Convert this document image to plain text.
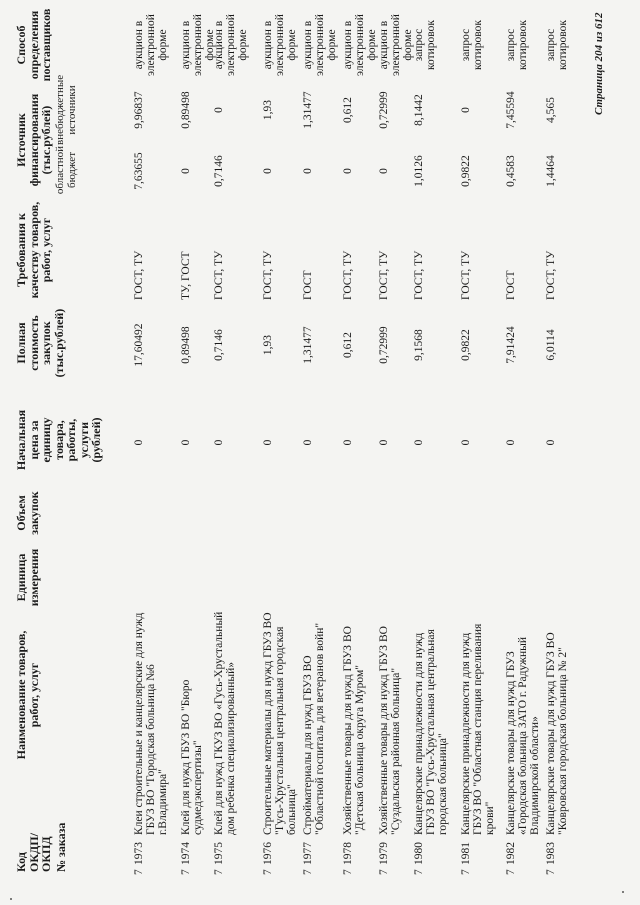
Код ОКДП/ ОКПД № заказа
Наименование товаров, работ, услуг
Единица измерения
Объем закупок
Начальная цена за единицу товара, работы, услуги (рублей)
Полная стоимость закупок (тыс.рублей)
Требования к качеству товаров, работ, услуг
Источник финансирования (тыс.рублей) областной бюджет
внебюджетные источники
Способ определения поставщиков
7
1973
Клеи строительные и канцелярские для нужд ГБУЗ ВО "Городская больница №6 г.Владимира"
0
17,60492
ГОСТ, ТУ
7,63655
9,96837
аукцион в электронной форме
7
1974
Клей для нужд ГБУЗ ВО "Бюро судмедэкспертизы"
0
0,89498
ТУ, ГОСТ
0
0,89498
аукцион в электронной форме
7
1975
Клей для нужд ГКУЗ ВО «Гусь-Хрустальный дом ребенка специализированный»
0
0,7146
ГОСТ, ТУ
0,7146
0
аукцион в электронной форме
7
1976
Строительные материалы для нужд ГБУЗ ВО "Гусь-Хрустальная центральная городская больница"
0
1,93
ГОСТ, ТУ
0
1,93
аукцион в электронной форме
7
1977
Стройматериалы для нужд ГБУЗ ВО "Областной госпиталь для ветеранов войн"
0
1,31477
ГОСТ
0
1,31477
аукцион в электронной форме
7
1978
Хозяйственные товары для нужд ГБУЗ ВО "Детская больница округа Муром"
0
0,612
ГОСТ, ТУ
0
0,612
аукцион в электронной форме
7
1979
Хозяйственные товары для нужд ГБУЗ ВО "Суздальская районная больница"
0
0,72999
ГОСТ, ТУ
0
0,72999
аукцион в электронной форме
7
1980
Канцелярские принадлежности для нужд ГБУЗ ВО "Гусь-Хрустальная центральная городская больница"
0
9,1568
ГОСТ, ТУ
1,0126
8,1442
запрос котировок
7
1981
Канцелярские принадлежности для нужд ГБУЗ ВО "Областная станция переливания крови"
0
0,9822
ГОСТ, ТУ
0,9822
0
запрос котировок
7
1982
Канцелярские товары для нужд ГБУЗ «Городская больница ЗАТО г. Радужный Владимирской области»
0
7,91424
ГОСТ
0,4583
7,45594
запрос котировок
7
1983
Канцелярские товары для нужд ГБУЗ ВО "Ковровская городская больница № 2"
0
6,0114
ГОСТ, ТУ
1,4464
4,565
запрос котировок Страница 204 из 612
